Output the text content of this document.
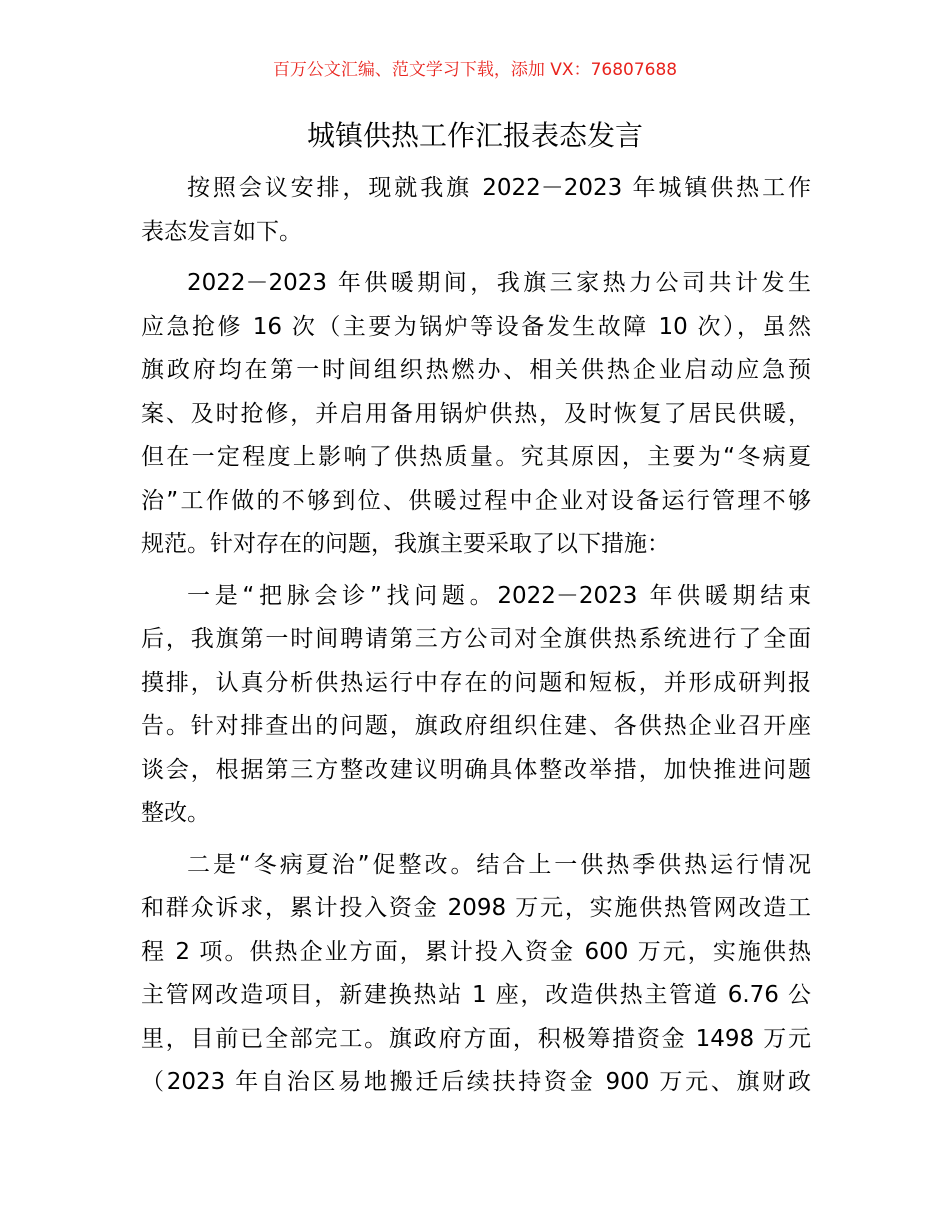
百万公文汇编、范文学习下载，添加 VX：76807688
城镇供热工作汇报表态发言
按照会议安排，现就我旗 2022－2023 年城镇供热工作
表态发言如下。
2022－2023 年供暖期间，我旗三家热力公司共计发生
应急抢修 16 次（主要为锅炉等设备发生故障 10 次），虽然
旗政府均在第一时间组织热燃办、相关供热企业启动应急预
案、及时抢修，并启用备用锅炉供热，及时恢复了居民供暖，
但在一定程度上影响了供热质量。究其原因，主要为“冬病夏
治”工作做的不够到位、供暖过程中企业对设备运行管理不够
规范。针对存在的问题，我旗主要采取了以下措施：
一是“把脉会诊”找问题。2022－2023 年供暖期结束
后，我旗第一时间聘请第三方公司对全旗供热系统进行了全面
摸排，认真分析供热运行中存在的问题和短板，并形成研判报
告。针对排查出的问题，旗政府组织住建、各供热企业召开座
谈会，根据第三方整改建议明确具体整改举措，加快推进问题
整改。
二是“冬病夏治”促整改。结合上一供热季供热运行情况
和群众诉求，累计投入资金 2098 万元，实施供热管网改造工
程 2 项。供热企业方面，累计投入资金 600 万元，实施供热
主管网改造项目，新建换热站 1 座，改造供热主管道 6.76 公
里，目前已全部完工。旗政府方面，积极筹措资金 1498 万元
（2023 年自治区易地搬迁后续扶持资金 900 万元、旗财政
